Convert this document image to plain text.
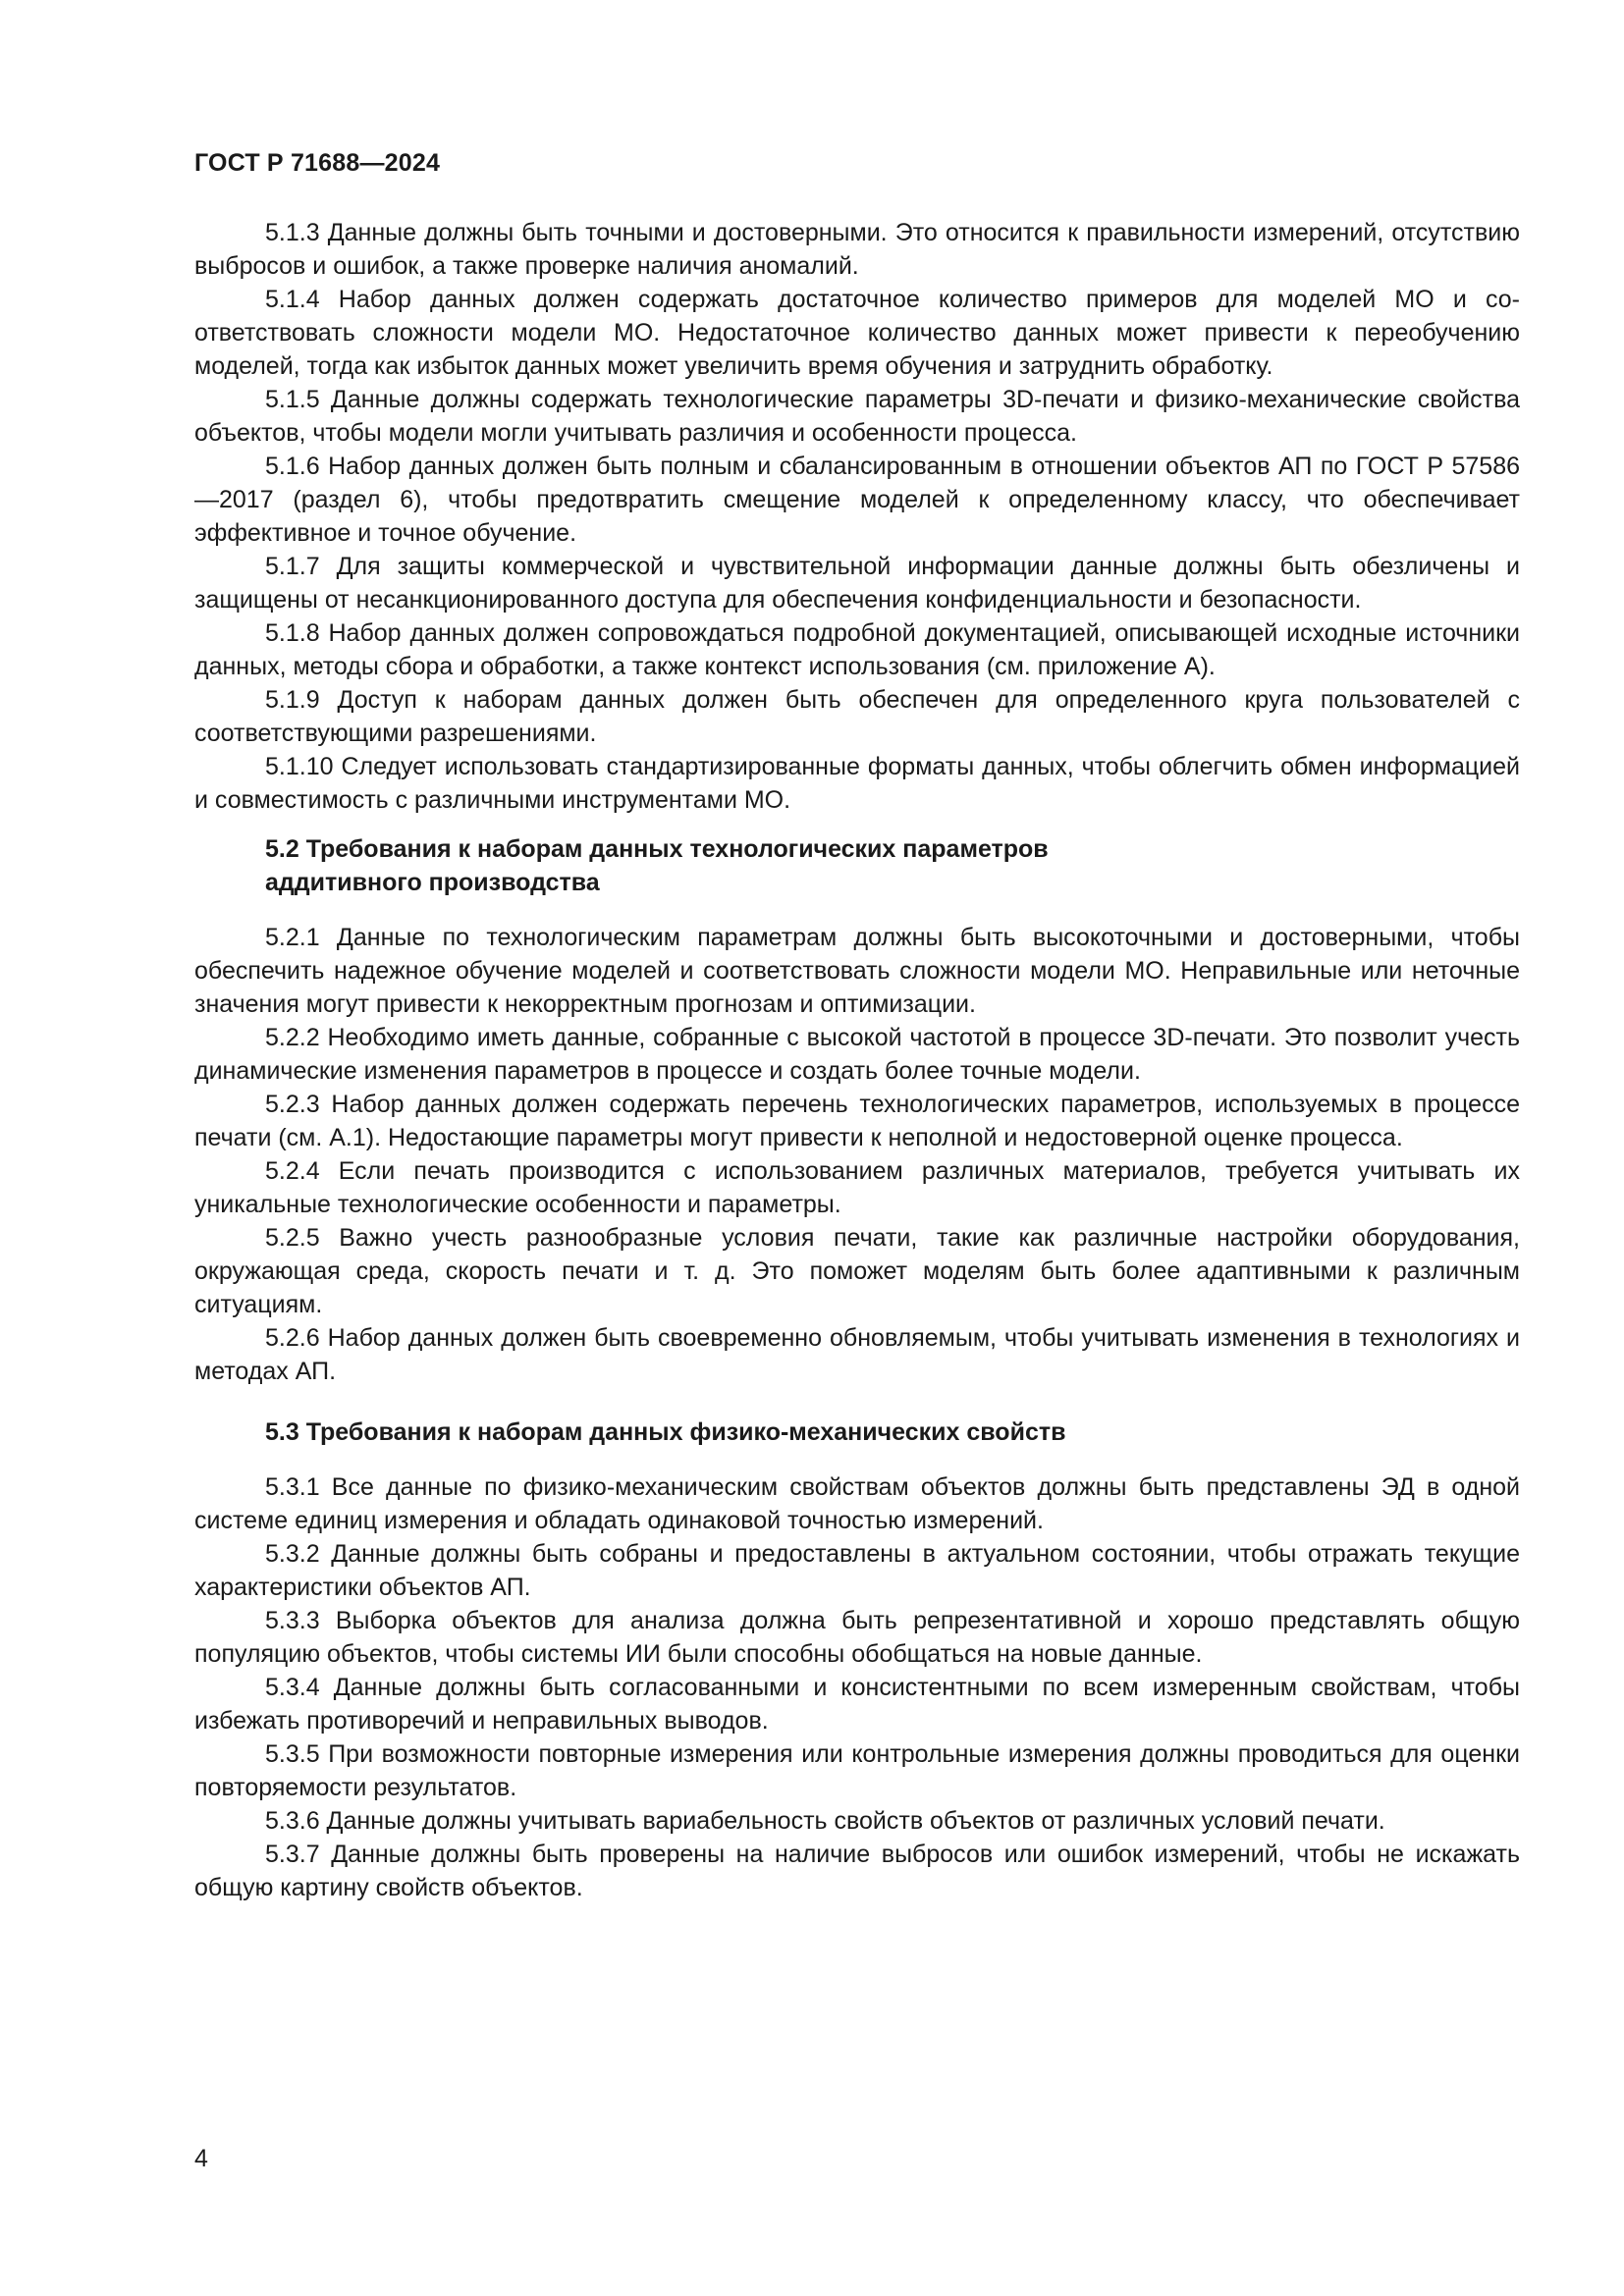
ГОСТ Р 71688—2024

5.1.3 Данные должны быть точными и достоверными. Это относится к правильности измерений, отсутствию выбросов и ошибок, а также проверке наличия аномалий.

5.1.4 Набор данных должен содержать достаточное количество примеров для моделей МО и соответствовать сложности модели МО. Недостаточное количество данных может привести к переобучению моделей, тогда как избыток данных может увеличить время обучения и затруднить обработку.

5.1.5 Данные должны содержать технологические параметры 3D-печати и физико-механические свойства объектов, чтобы модели могли учитывать различия и особенности процесса.

5.1.6 Набор данных должен быть полным и сбалансированным в отношении объектов АП по ГОСТ Р 57586—2017 (раздел 6), чтобы предотвратить смещение моделей к определенному классу, что обеспечивает эффективное и точное обучение.

5.1.7 Для защиты коммерческой и чувствительной информации данные должны быть обезличены и защищены от несанкционированного доступа для обеспечения конфиденциальности и безопасности.

5.1.8 Набор данных должен сопровождаться подробной документацией, описывающей исходные источники данных, методы сбора и обработки, а также контекст использования (см. приложение А).

5.1.9 Доступ к наборам данных должен быть обеспечен для определенного круга пользователей с соответствующими разрешениями.

5.1.10 Следует использовать стандартизированные форматы данных, чтобы облегчить обмен информацией и совместимость с различными инструментами МО.

5.2 Требования к наборам данных технологических параметров аддитивного производства

5.2.1 Данные по технологическим параметрам должны быть высокоточными и достоверными, чтобы обеспечить надежное обучение моделей и соответствовать сложности модели МО. Неправильные или неточные значения могут привести к некорректным прогнозам и оптимизации.

5.2.2 Необходимо иметь данные, собранные с высокой частотой в процессе 3D-печати. Это позволит учесть динамические изменения параметров в процессе и создать более точные модели.

5.2.3 Набор данных должен содержать перечень технологических параметров, используемых в процессе печати (см. А.1). Недостающие параметры могут привести к неполной и недостоверной оценке процесса.

5.2.4 Если печать производится с использованием различных материалов, требуется учитывать их уникальные технологические особенности и параметры.

5.2.5 Важно учесть разнообразные условия печати, такие как различные настройки оборудования, окружающая среда, скорость печати и т. д. Это поможет моделям быть более адаптивными к различным ситуациям.

5.2.6 Набор данных должен быть своевременно обновляемым, чтобы учитывать изменения в технологиях и методах АП.

5.3 Требования к наборам данных физико-механических свойств

5.3.1 Все данные по физико-механическим свойствам объектов должны быть представлены ЭД в одной системе единиц измерения и обладать одинаковой точностью измерений.

5.3.2 Данные должны быть собраны и предоставлены в актуальном состоянии, чтобы отражать текущие характеристики объектов АП.

5.3.3 Выборка объектов для анализа должна быть репрезентативной и хорошо представлять общую популяцию объектов, чтобы системы ИИ были способны обобщаться на новые данные.

5.3.4 Данные должны быть согласованными и консистентными по всем измеренным свойствам, чтобы избежать противоречий и неправильных выводов.

5.3.5 При возможности повторные измерения или контрольные измерения должны проводиться для оценки повторяемости результатов.

5.3.6 Данные должны учитывать вариабельность свойств объектов от различных условий печати.

5.3.7 Данные должны быть проверены на наличие выбросов или ошибок измерений, чтобы не искажать общую картину свойств объектов.

4
